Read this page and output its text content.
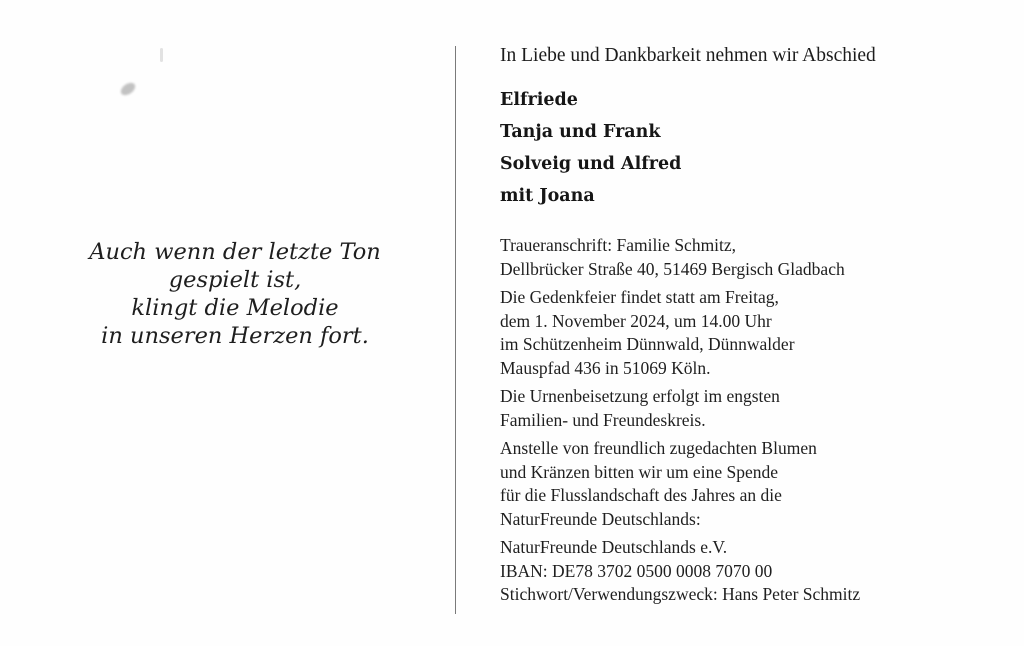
Auch wenn der letzte Ton
gespielt ist,
klingt die Melodie
in unseren Herzen fort.
In Liebe und Dankbarkeit nehmen wir Abschied
Elfriede
Tanja und Frank
Solveig und Alfred
mit Joana
Traueranschrift: Familie Schmitz,
Dellbrücker Straße 40, 51469 Bergisch Gladbach
Die Gedenkfeier findet statt am Freitag,
dem 1. November 2024, um 14.00 Uhr
im Schützenheim Dünnwald, Dünnwalder
Mauspfad 436 in 51069 Köln.
Die Urnenbeisetzung erfolgt im engsten
Familien- und Freundeskreis.
Anstelle von freundlich zugedachten Blumen
und Kränzen bitten wir um eine Spende
für die Flusslandschaft des Jahres an die
NaturFreunde Deutschlands:
NaturFreunde Deutschlands e.V.
IBAN: DE78 3702 0500 0008 7070 00
Stichwort/Verwendungszweck: Hans Peter Schmitz
